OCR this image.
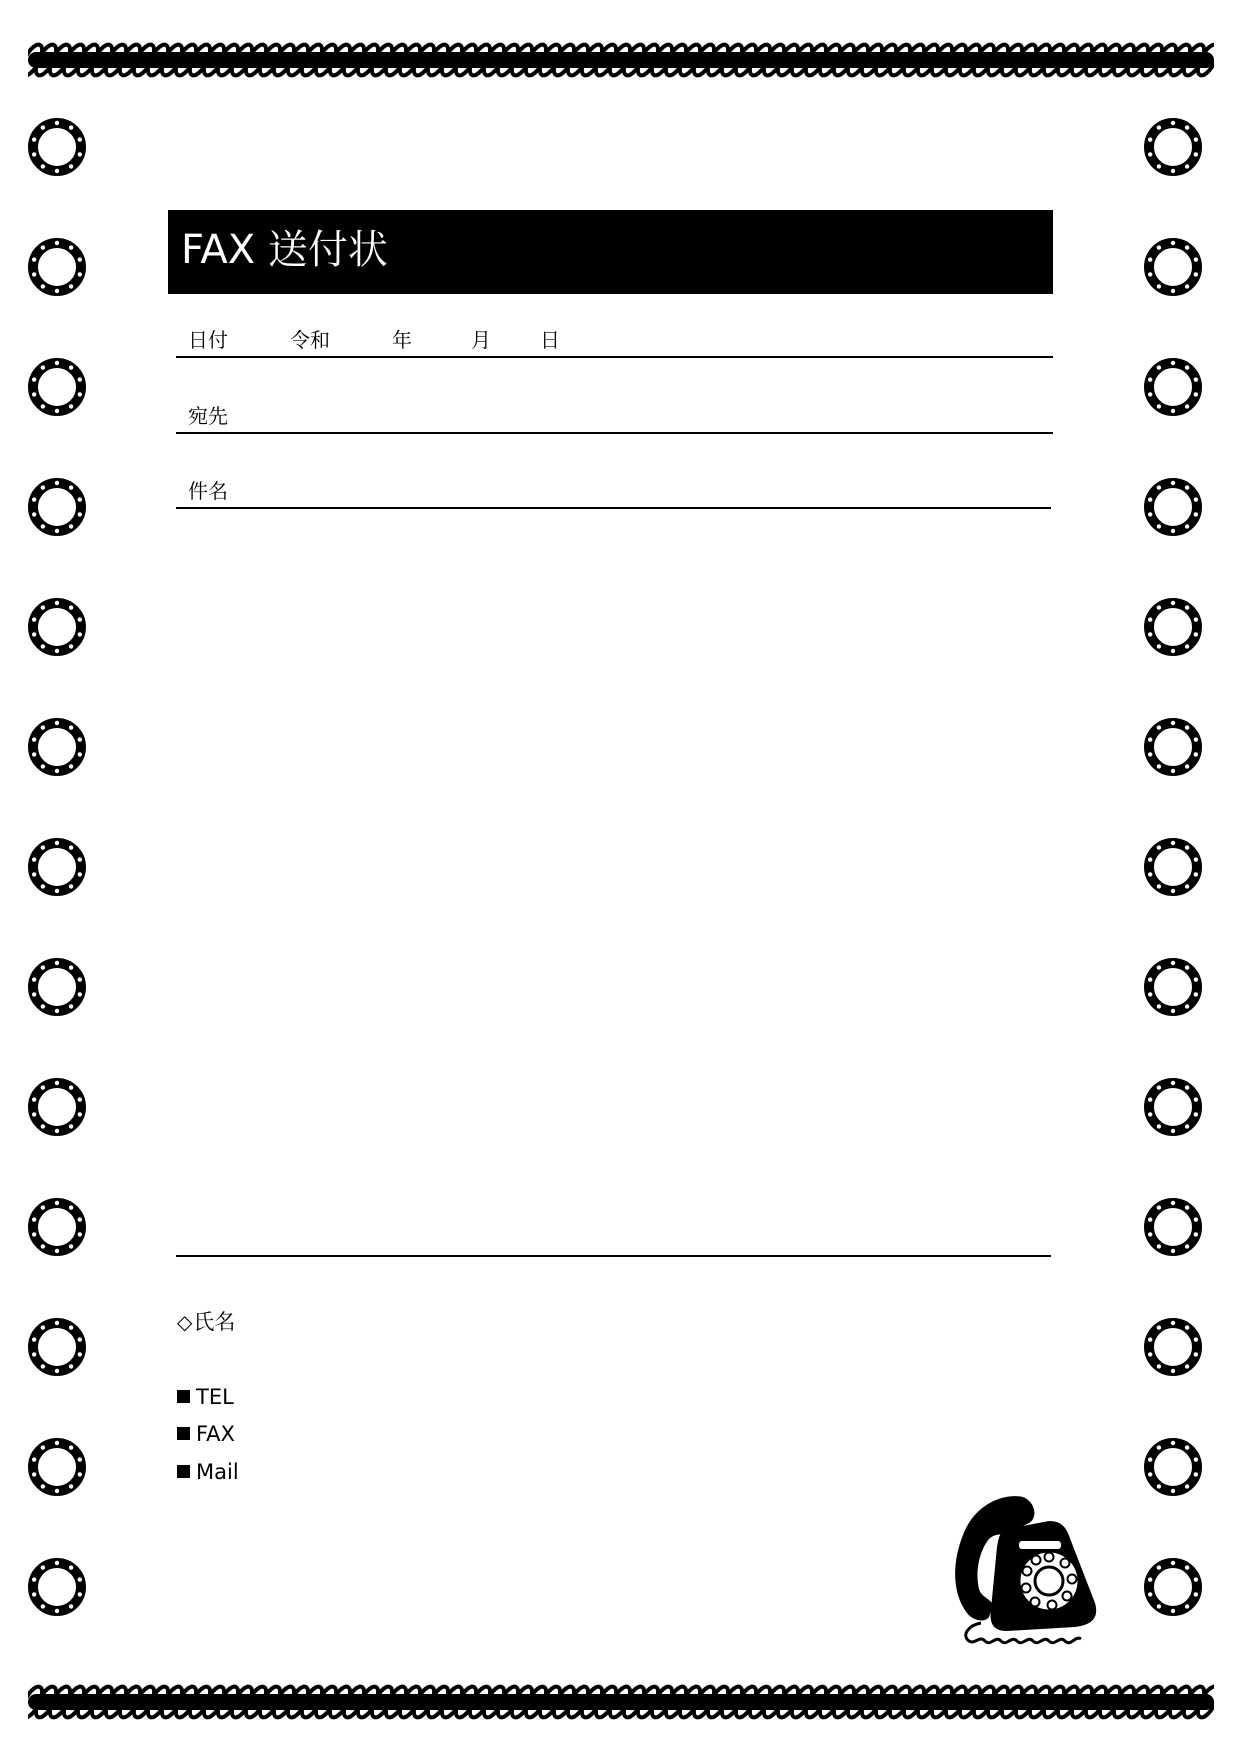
FAX 送付状
日付	令和	年	月 日
宛先
件名
◇氏名
TEL
FAX
Mail
